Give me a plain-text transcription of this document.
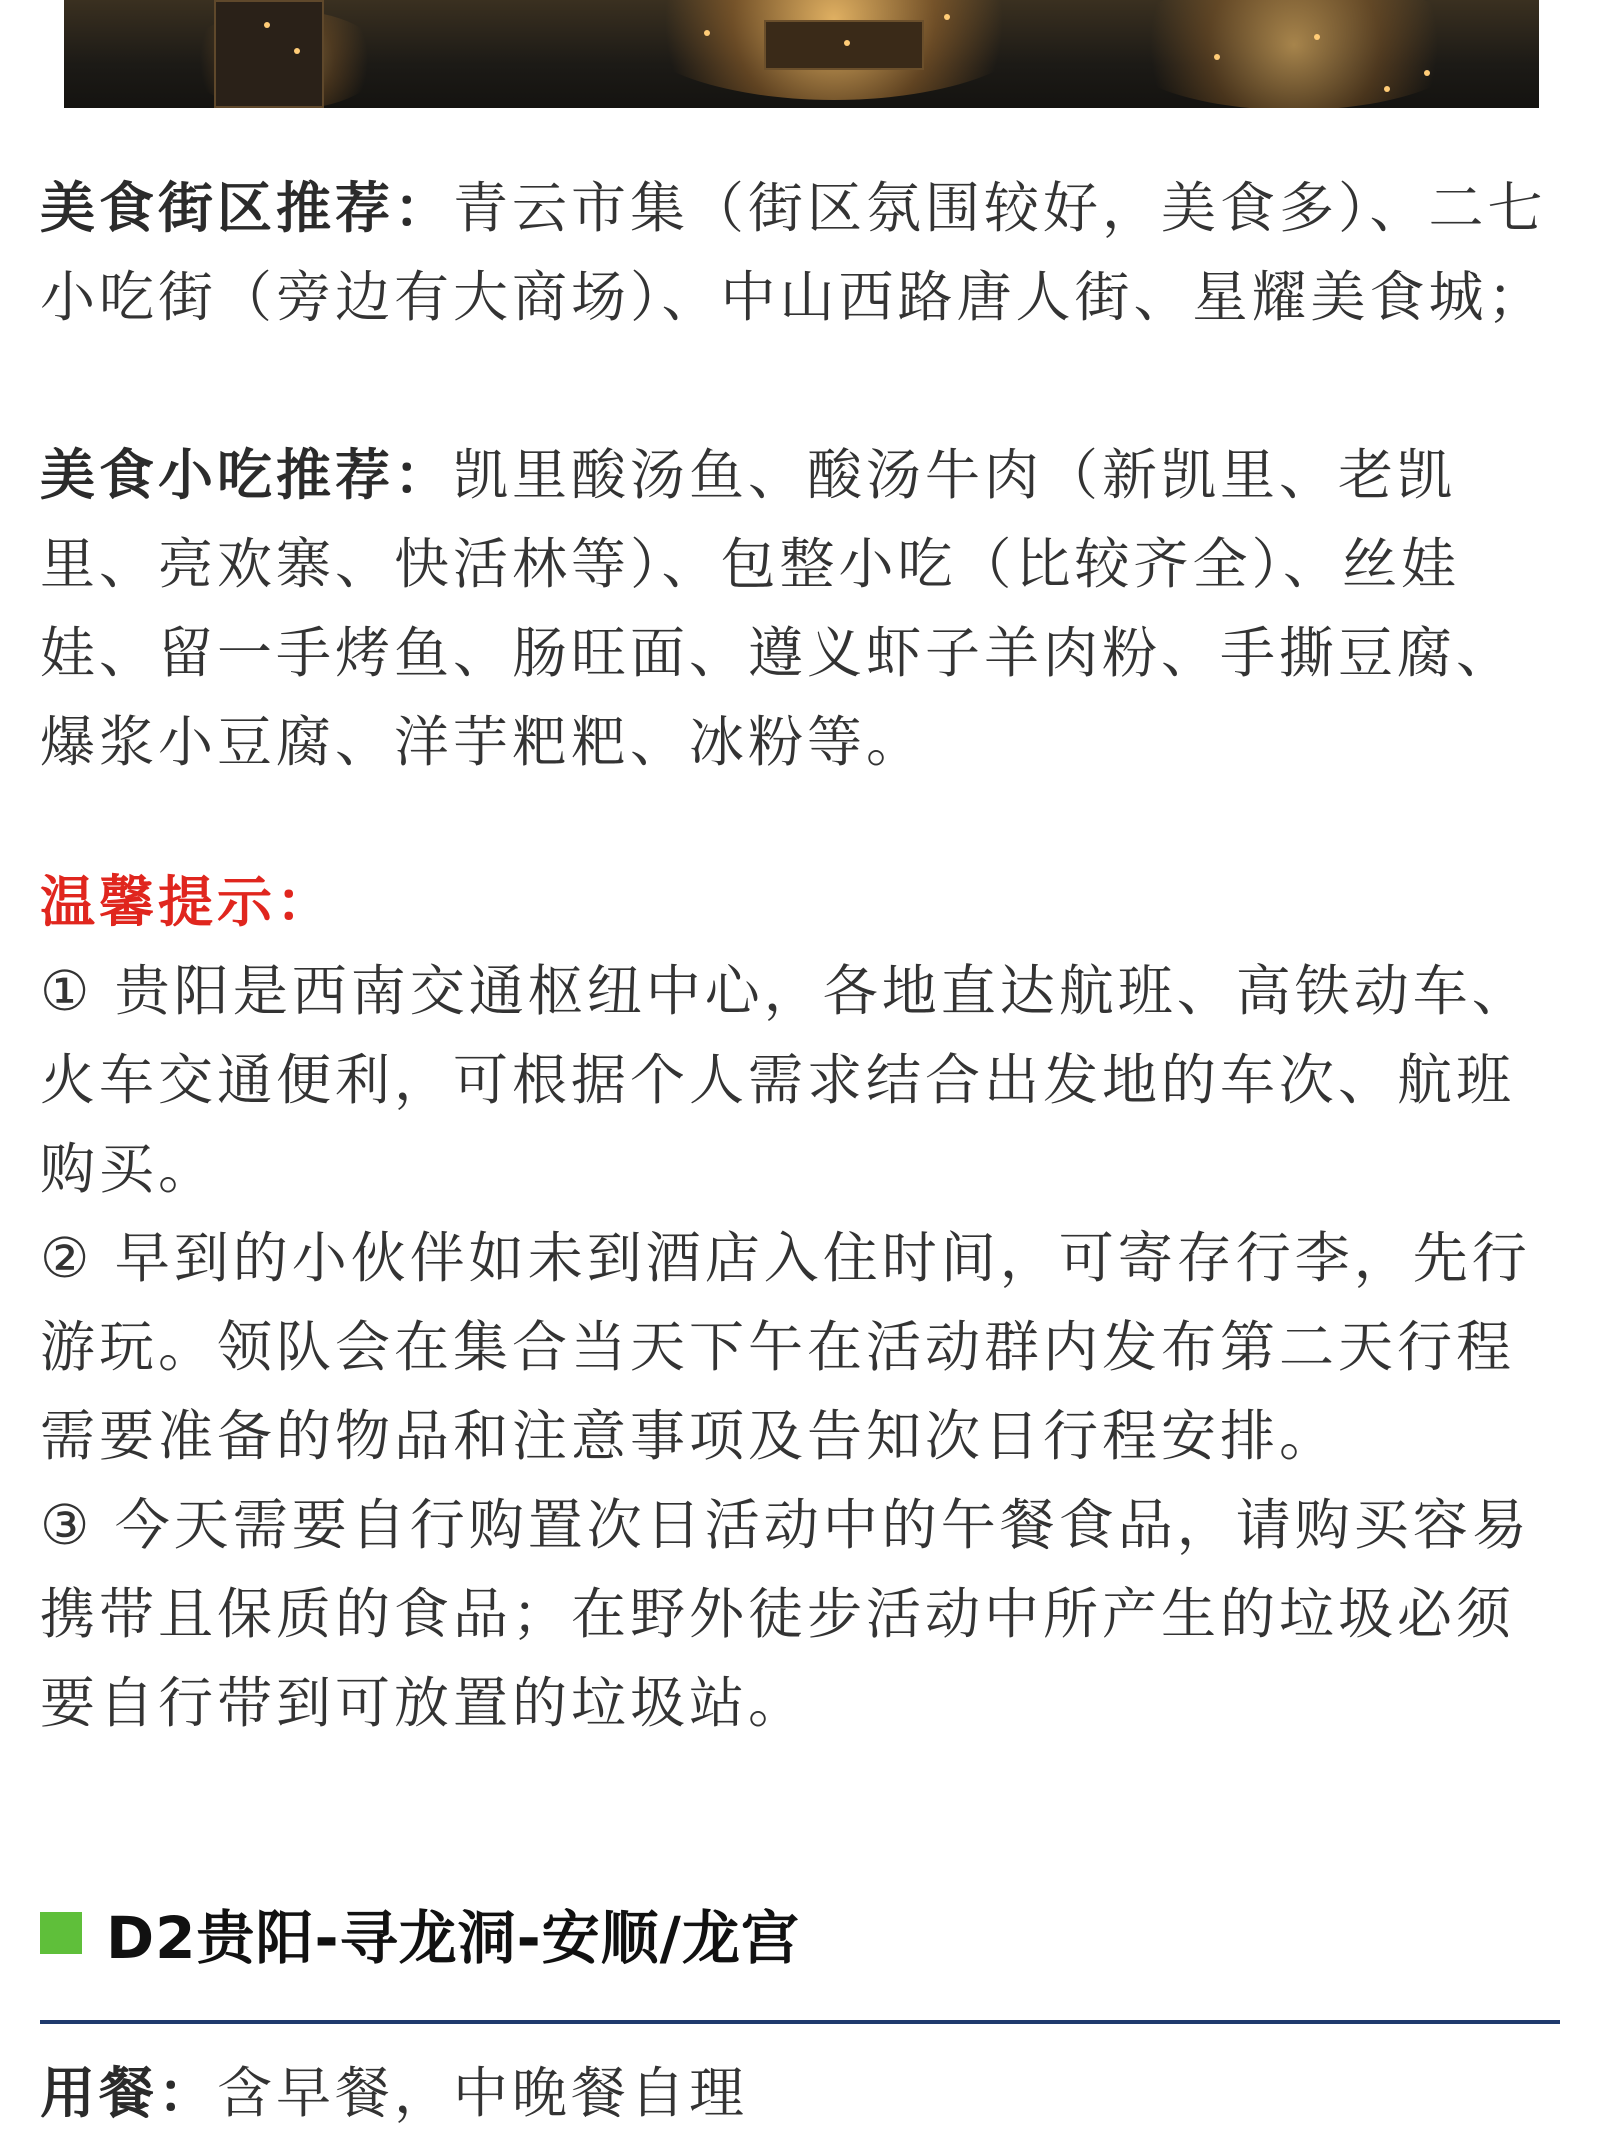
美食街区推荐：青云市集（街区氛围较好，美食多）、二七小吃街（旁边有大商场）、中山西路唐人街、星耀美食城；

美食小吃推荐：凯里酸汤鱼、酸汤牛肉（新凯里、老凯里、亮欢寨、快活林等）、包整小吃（比较齐全）、丝娃娃、留一手烤鱼、肠旺面、遵义虾子羊肉粉、手撕豆腐、爆浆小豆腐、洋芋粑粑、冰粉等。

温馨提示：

① 贵阳是西南交通枢纽中心，各地直达航班、高铁动车、火车交通便利，可根据个人需求结合出发地的车次、航班购买。

② 早到的小伙伴如未到酒店入住时间，可寄存行李，先行游玩。领队会在集合当天下午在活动群内发布第二天行程需要准备的物品和注意事项及告知次日行程安排。

③ 今天需要自行购置次日活动中的午餐食品，请购买容易携带且保质的食品；在野外徒步活动中所产生的垃圾必须要自行带到可放置的垃圾站。

D2贵阳-寻龙洞-安顺/龙宫

用餐：含早餐，中晚餐自理
